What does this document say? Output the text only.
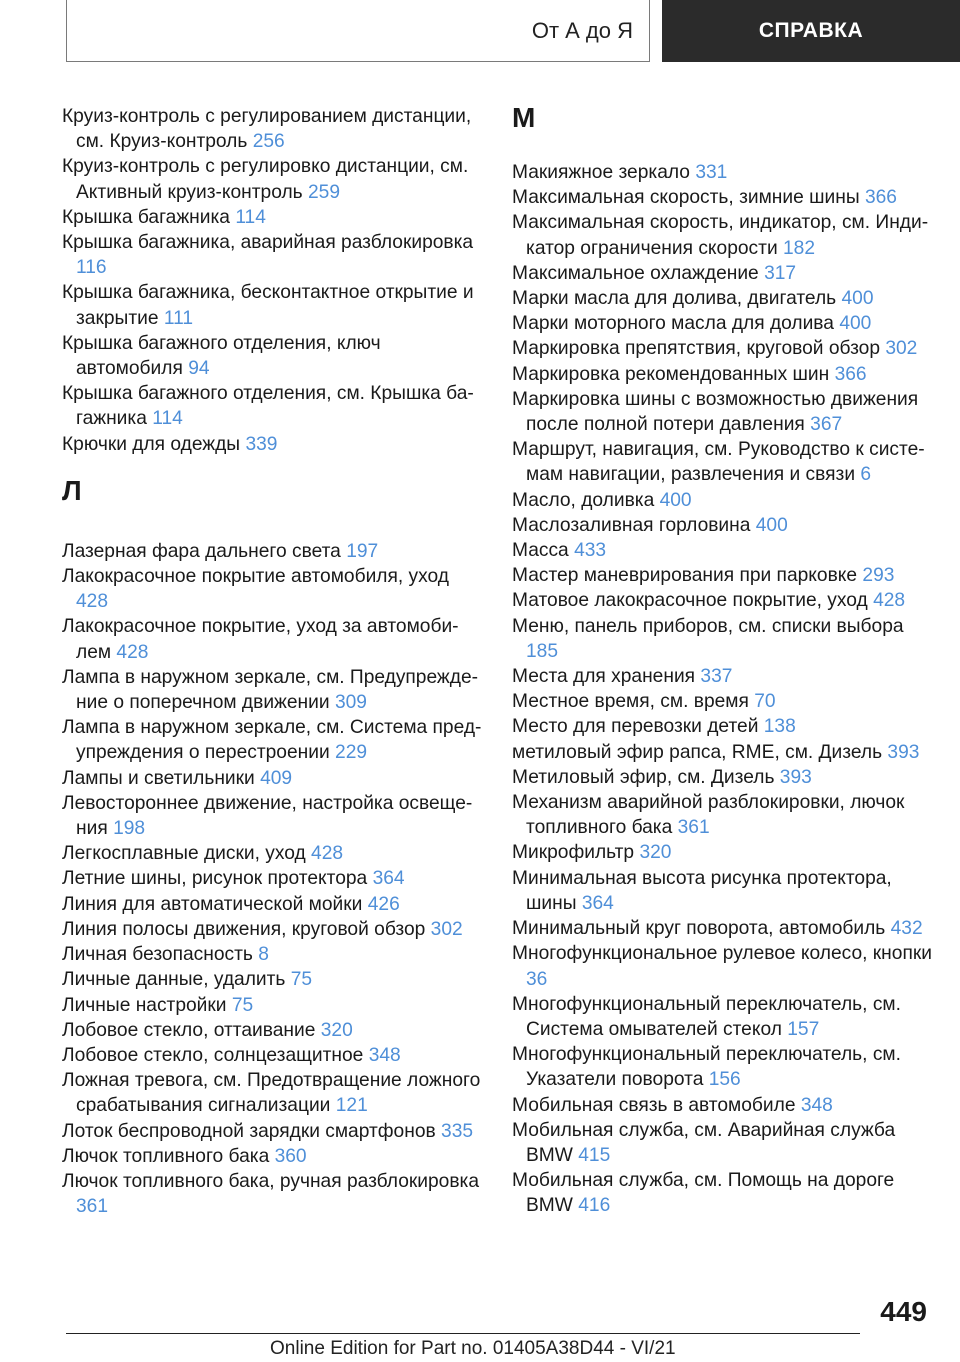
От А до Я	СПРАВКА

Круиз-контроль с регулированием дистанции, см. Круиз-контроль 256

Круиз-контроль с регулировко дистанции, см. Активный круиз-контроль 259

Крышка багажника 114

Крышка багажника, аварийная разблокировка 116

Крышка багажника, бесконтактное открытие и закрытие 111

Крышка багажного отделения, ключ автомобиля 94

Крышка багажного отделения, см. Крышка багажника 114

Крючки для одежды 339

Л

Лазерная фара дальнего света 197

Лакокрасочное покрытие автомобиля, уход 428

Лакокрасочное покрытие, уход за автомобилем 428

Лампа в наружном зеркале, см. Предупреждение о поперечном движении 309

Лампа в наружном зеркале, см. Система предупреждения о перестроении 229

Лампы и светильники 409

Левостороннее движение, настройка освещения 198

Легкосплавные диски, уход 428

Летние шины, рисунок протектора 364

Линия для автоматической мойки 426

Линия полосы движения, круговой обзор 302

Личная безопасность 8

Личные данные, удалить 75

Личные настройки 75

Лобовое стекло, оттаивание 320

Лобовое стекло, солнцезащитное 348

Ложная тревога, см. Предотвращение ложного срабатывания сигнализации 121

Лоток беспроводной зарядки смартфонов 335

Лючок топливного бака 360

Лючок топливного бака, ручная разблокировка 361

М

Макияжное зеркало 331

Максимальная скорость, зимние шины 366

Максимальная скорость, индикатор, см. Индикатор ограничения скорости 182

Максимальное охлаждение 317

Марки масла для долива, двигатель 400

Марки моторного масла для долива 400

Маркировка препятствия, круговой обзор 302

Маркировка рекомендованных шин 366

Маркировка шины с возможностью движения после полной потери давления 367

Маршрут, навигация, см. Руководство к системам навигации, развлечения и связи 6

Масло, доливка 400

Маслозаливная горловина 400

Масса 433

Мастер маневрирования при парковке 293

Матовое лакокрасочное покрытие, уход 428

Меню, панель приборов, см. списки выбора 185

Места для хранения 337

Местное время, см. время 70

Место для перевозки детей 138

метиловый эфир рапса, RME, см. Дизель 393

Метиловый эфир, см. Дизель 393

Механизм аварийной разблокировки, лючок топливного бака 361

Микрофильтр 320

Минимальная высота рисунка протектора, шины 364

Минимальный круг поворота, автомобиль 432

Многофункциональное рулевое колесо, кнопки 36

Многофункциональный переключатель, см. Система омывателей стекол 157

Многофункциональный переключатель, см. Указатели поворота 156

Мобильная связь в автомобиле 348

Мобильная служба, см. Аварийная служба BMW 415

Мобильная служба, см. Помощь на дороге BMW 416

449
Online Edition for Part no. 01405A38D44 - VI/21
